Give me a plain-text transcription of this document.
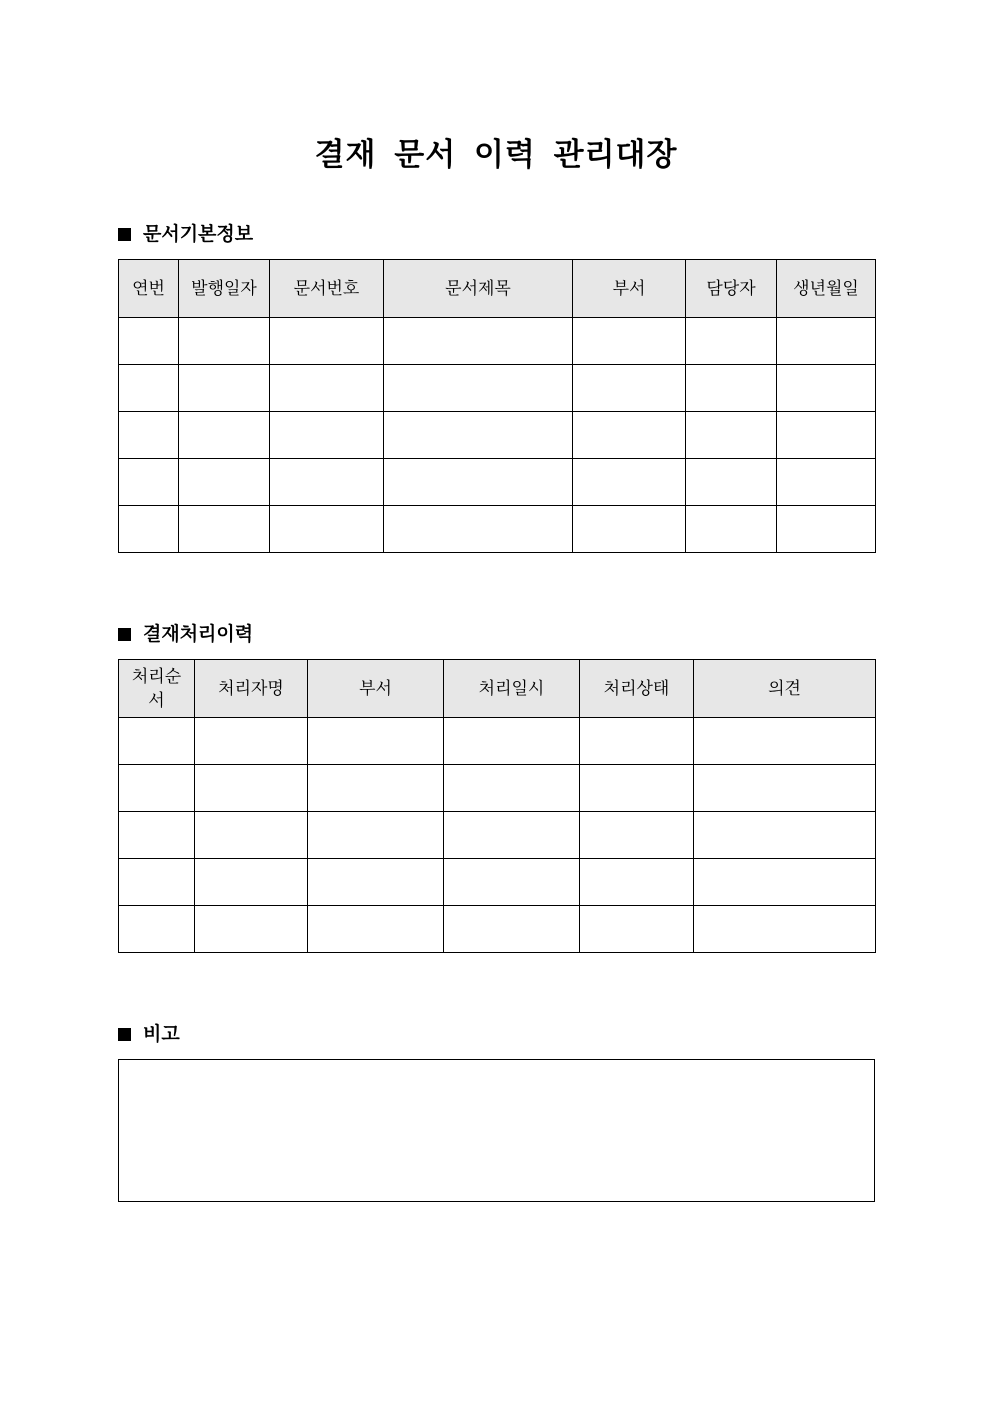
결재 문서 이력 관리대장
문서기본정보
연번	발행일자	문서번호	문서제목	부서	담당자	생년월일

결재처리이력
처리순서	처리자명	부서	처리일시	처리상태	의견

비고
